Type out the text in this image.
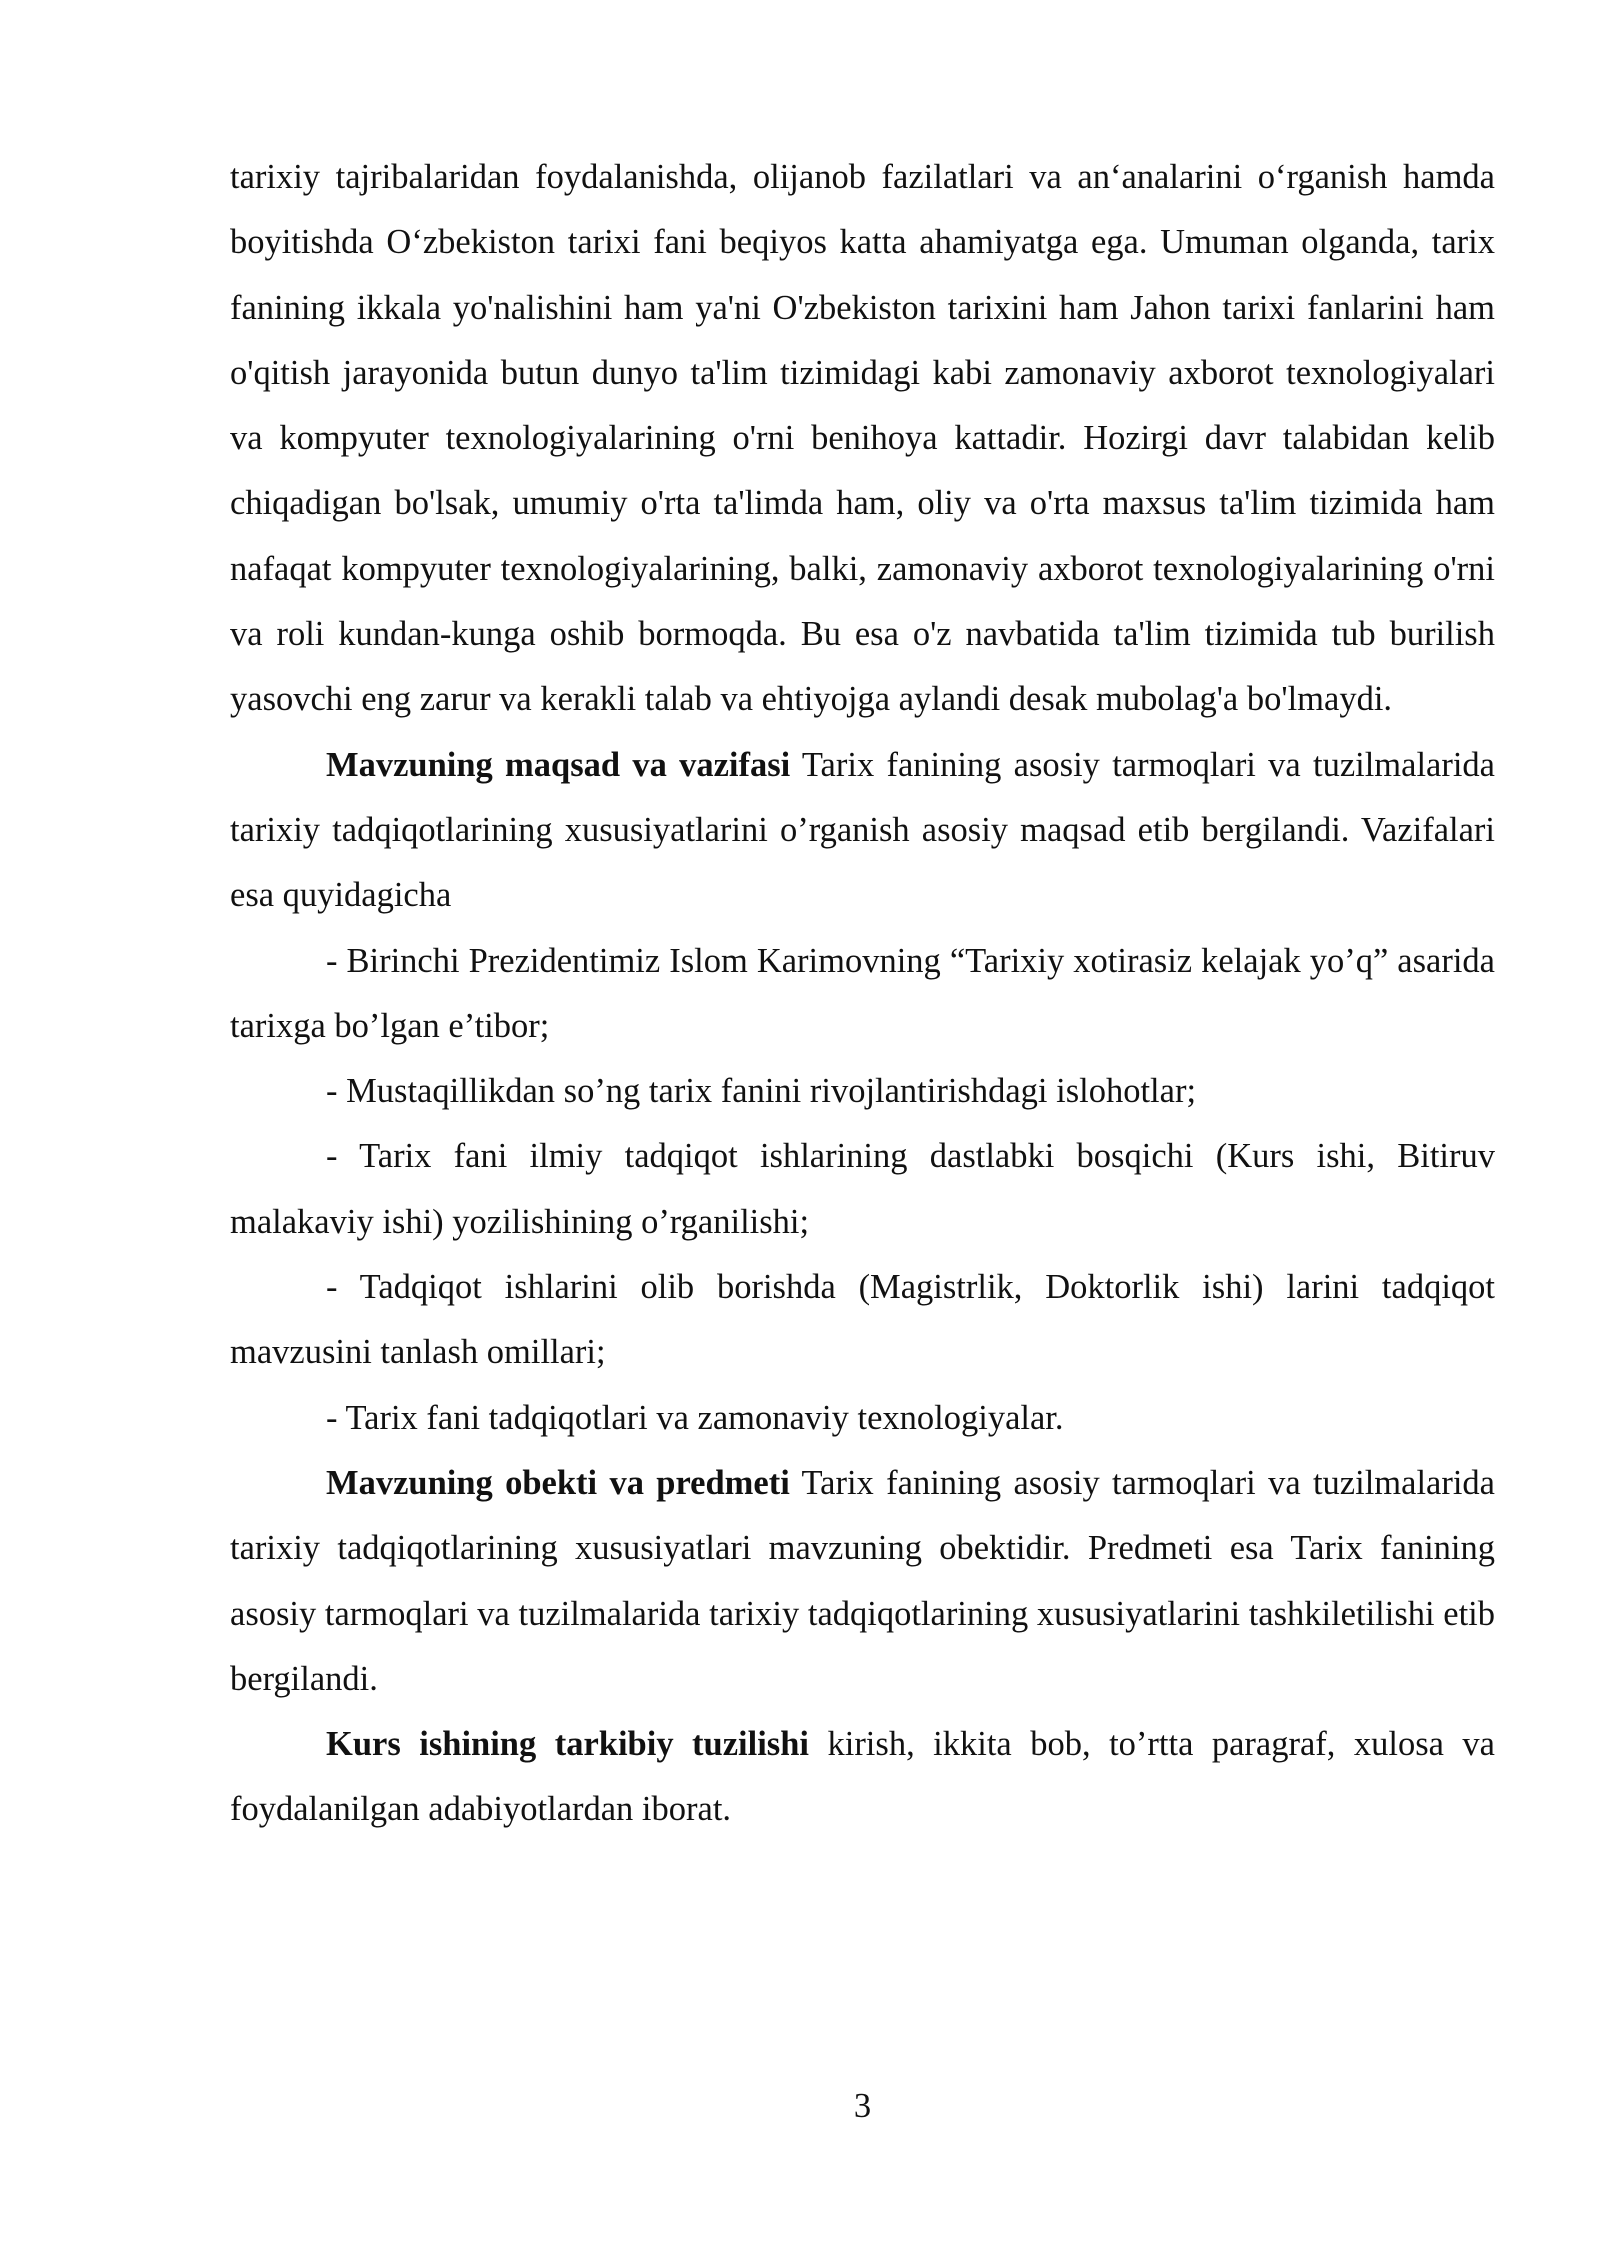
tarixiy tajribalaridan foydalanishda, olijanob fazilatlari va an‘analarini o‘rganish hamda boyitishda O‘zbekiston tarixi fani beqiyos katta ahamiyatga ega. Umuman olganda, tarix fanining ikkala yo'nalishini ham ya'ni O'zbekiston tarixini ham Jahon tarixi fanlarini ham o'qitish jarayonida butun dunyo ta'lim tizimidagi kabi zamonaviy axborot texnologiyalari va kompyuter texnologiyalarining o'rni benihoya kattadir. Hozirgi davr talabidan kelib chiqadigan bo'lsak, umumiy o'rta ta'limda ham, oliy va o'rta maxsus ta'lim tizimida ham nafaqat kompyuter texnologiyalarining, balki, zamonaviy axborot texnologiyalarining o'rni va roli kundan-kunga oshib bormoqda. Bu esa o'z navbatida ta'lim tizimida tub burilish yasovchi eng zarur va kerakli talab va ehtiyojga aylandi desak mubolag'a bo'lmaydi.

Mavzuning maqsad va vazifasi Tarix fanining asosiy tarmoqlari va tuzilmalarida tarixiy tadqiqotlarining xususiyatlarini o’rganish asosiy maqsad etib bergilandi. Vazifalari esa quyidagicha

- Birinchi Prezidentimiz Islom Karimovning “Tarixiy xotirasiz kelajak yo’q” asarida tarixga bo’lgan e’tibor;

- Mustaqillikdan so’ng tarix fanini rivojlantirishdagi islohotlar;

- Tarix fani ilmiy tadqiqot ishlarining dastlabki bosqichi (Kurs ishi, Bitiruv malakaviy ishi) yozilishining o’rganilishi;

- Tadqiqot ishlarini olib borishda (Magistrlik, Doktorlik ishi) larini tadqiqot mavzusini tanlash omillari;

- Tarix fani tadqiqotlari va zamonaviy texnologiyalar.

Mavzuning obekti va predmeti Tarix fanining asosiy tarmoqlari va tuzilmalarida tarixiy tadqiqotlarining xususiyatlari mavzuning obektidir. Predmeti esa Tarix fanining asosiy tarmoqlari va tuzilmalarida tarixiy tadqiqotlarining xususiyatlarini tashkiletilishi etib bergilandi.

Kurs ishining tarkibiy tuzilishi kirish, ikkita bob, to’rtta paragraf, xulosa va foydalanilgan adabiyotlardan iborat.

3
